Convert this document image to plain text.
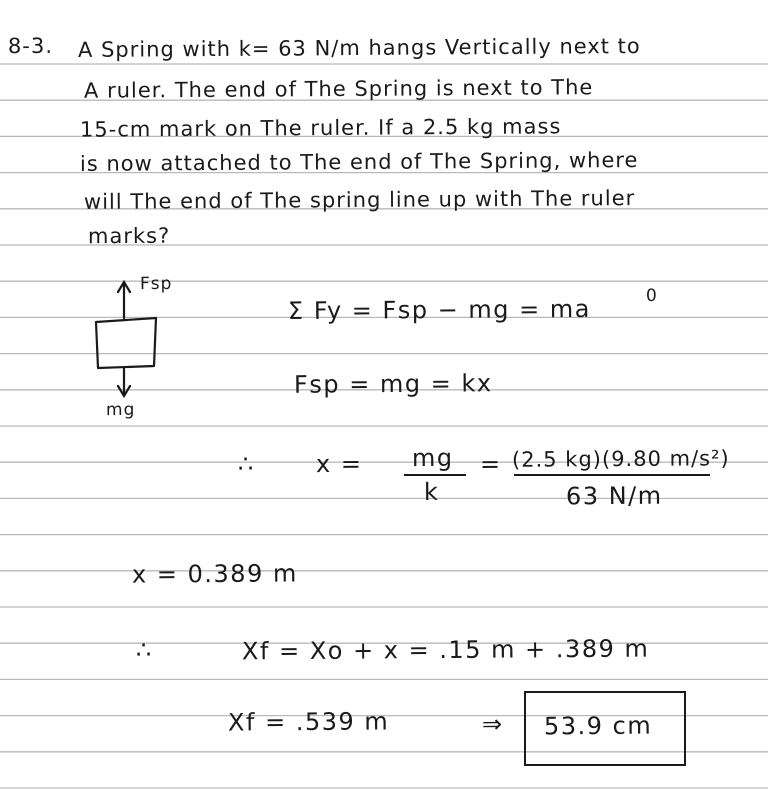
8-3. A Spring with k= 63 N/m hangs Vertically next to
A ruler. The end of The Spring is next to The
15-cm mark on The ruler. If a 2.5 kg mass
is now attached to The end of The Spring, where
will The end of The spring line up with The ruler
marks?
Fsp
mg
Σ Fy = Fsp − mg = ma	0
Fsp = mg = kx
∴	x = mg
k
= (2.5 kg)(9.80 m/s²)
63 N/m
x = 0.389 m
∴	Xf = Xo + x = .15 m + .389 m
Xf = .539 m	⇒ 53.9 cm
